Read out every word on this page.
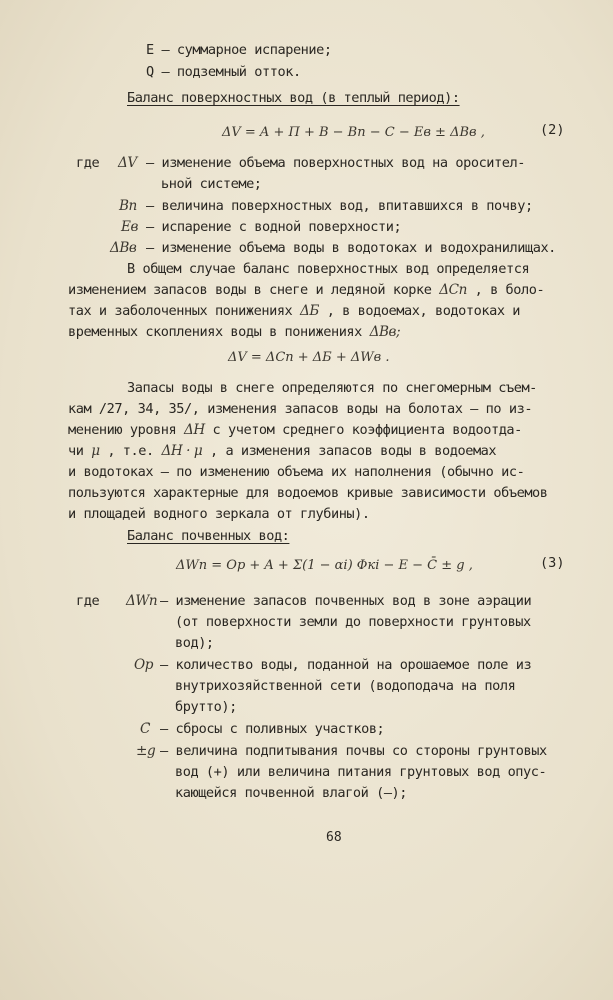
Е – суммарное испарение;
Q – подземный отток.
Баланс поверхностных вод (в теплый период):
ΔV = A + Π + B − Bп − C − Eв ± ΔBв ,	(2)
где ΔV – изменение объема поверхностных вод на оросител-
ьной системе;
Bп – величина поверхностных вод, впитавшихся в почву;
Eв – испарение с водной поверхности;
ΔBв – изменение объема воды в водотоках и водохранилищах.
В общем случае баланс поверхностных вод определяется
изменением запасов воды в снеге и ледяной корке ΔCп , в боло-
тах и заболоченных понижениях ΔБ , в водоемах, водотоках и
временных скоплениях воды в понижениях ΔBв;
ΔV = ΔCп + ΔБ + ΔWв .
Запасы воды в снеге определяются по снегомерным съем-
кам /27, 34, 35/, изменения запасов воды на болотах – по из-
менению уровня ΔH с учетом среднего коэффициента водоотда-
чи μ , т.е. ΔH · μ , а изменения запасов воды в водоемах
и водотоках – по изменению объема их наполнения (обычно ис-
пользуются характерные для водоемов кривые зависимости объемов
и площадей водного зеркала от глубины).
Баланс почвенных вод:
ΔWп = Oр + A + Σ(1 − αi) Φкi − E − C̄ ± g ,	(3)
где ΔWп – изменение запасов почвенных вод в зоне аэрации
(от поверхности земли до поверхности грунтовых
вод);
Oр – количество воды, поданной на орошаемое поле из
внутрихозяйственной сети (водоподача на поля
брутто);
С̄ – сбросы с поливных участков;
±g – величина подпитывания почвы со стороны грунтовых
вод (+) или величина питания грунтовых вод опус-
кающейся почвенной влагой (–);
68
